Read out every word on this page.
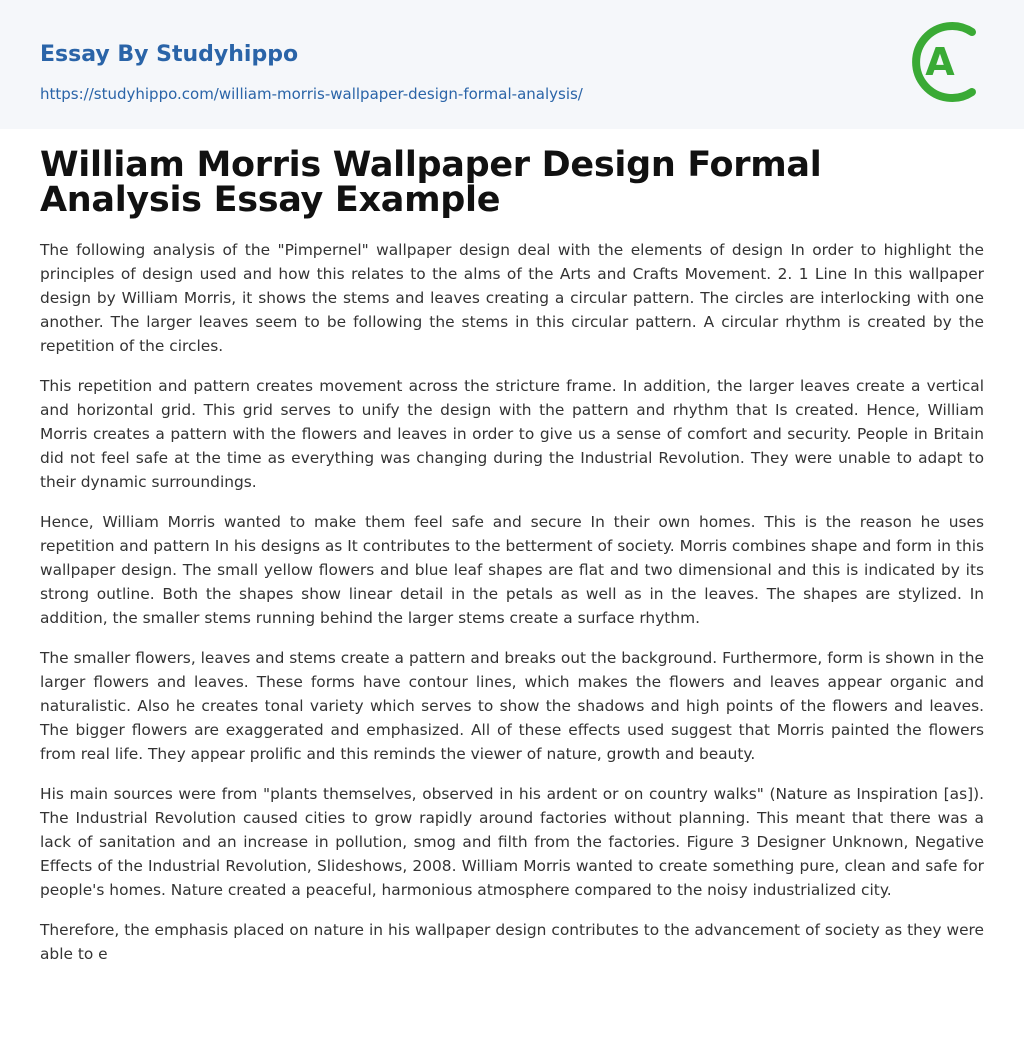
Essay By Studyhippo
https://studyhippo.com/william-morris-wallpaper-design-formal-analysis/
A
William Morris Wallpaper Design Formal Analysis Essay Example

The following analysis of the "Pimpernel" wallpaper design deal with the elements of design In order to highlight the principles of design used and how this relates to the alms of the Arts and Crafts Movement. 2. 1 Line In this wallpaper design by William Morris, it shows the stems and leaves creating a circular pattern. The circles are interlocking with one another. The larger leaves seem to be following the stems in this circular pattern. A circular rhythm is created by the repetition of the circles.

This repetition and pattern creates movement across the stricture frame. In addition, the larger leaves create a vertical and horizontal grid. This grid serves to unify the design with the pattern and rhythm that Is created. Hence, William Morris creates a pattern with the flowers and leaves in order to give us a sense of comfort and security. People in Britain did not feel safe at the time as everything was changing during the Industrial Revolution. They were unable to adapt to their dynamic surroundings.

Hence, William Morris wanted to make them feel safe and secure In their own homes. This is the reason he uses repetition and pattern In his designs as It contributes to the betterment of society. Morris combines shape and form in this wallpaper design. The small yellow flowers and blue leaf shapes are flat and two dimensional and this is indicated by its strong outline. Both the shapes show linear detail in the petals as well as in the leaves. The shapes are stylized. In addition, the smaller stems running behind the larger stems create a surface rhythm.

The smaller flowers, leaves and stems create a pattern and breaks out the background. Furthermore, form is shown in the larger flowers and leaves. These forms have contour lines, which makes the flowers and leaves appear organic and naturalistic. Also he creates tonal variety which serves to show the shadows and high points of the flowers and leaves. The bigger flowers are exaggerated and emphasized. All of these effects used suggest that Morris painted the flowers from real life. They appear prolific and this reminds the viewer of nature, growth and beauty.

His main sources were from "plants themselves, observed in his ardent or on country walks" (Nature as Inspiration [as]). The Industrial Revolution caused cities to grow rapidly around factories without planning. This meant that there was a lack of sanitation and an increase in pollution, smog and filth from the factories. Figure 3 Designer Unknown, Negative Effects of the Industrial Revolution, Slideshows, 2008. William Morris wanted to create something pure, clean and safe for people's homes. Nature created a peaceful, harmonious atmosphere compared to the noisy industrialized city.

Therefore, the emphasis placed on nature in his wallpaper design contributes to the advancement of society as they were able to e
